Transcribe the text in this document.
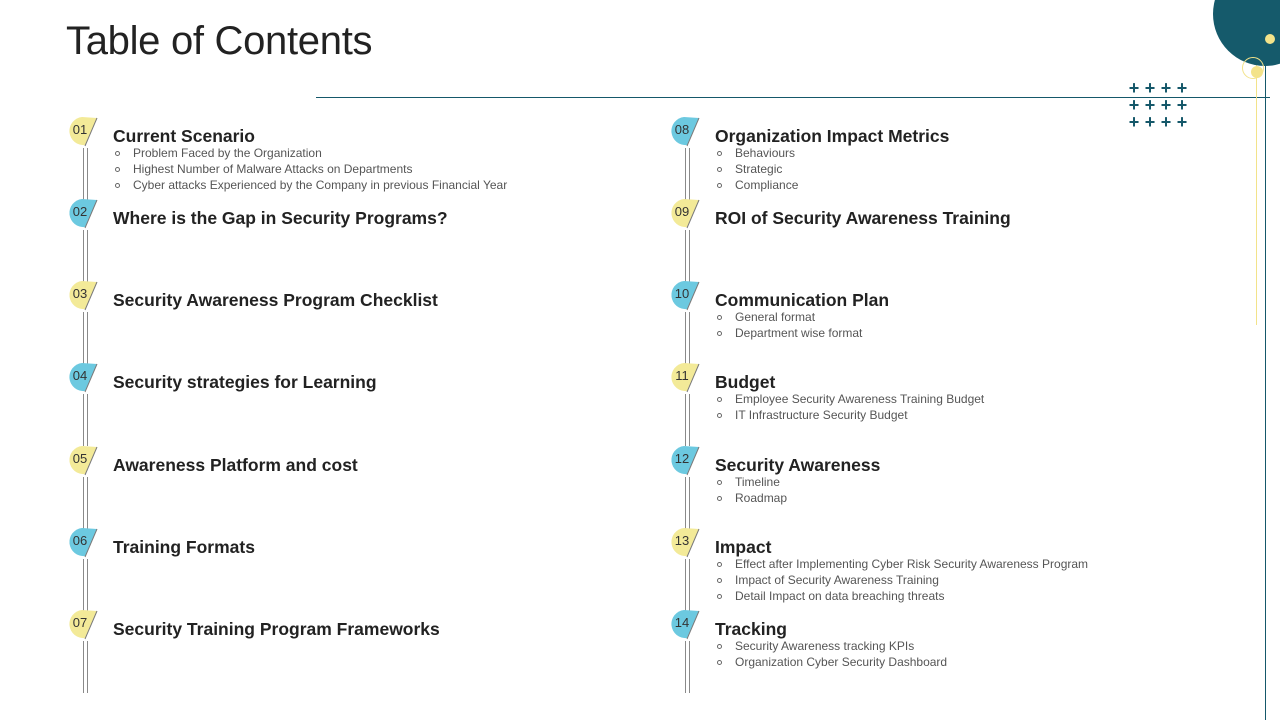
Table of Contents
+ + + +
+ + + +
+ + + +
01	Current Scenario
Problem Faced by the Organization
Highest Number of Malware Attacks on Departments
Cyber attacks Experienced by the Company in previous Financial Year
02	Where is the Gap in Security Programs?
03	Security Awareness Program Checklist
04	Security strategies for Learning
05	Awareness Platform and cost
06	Training Formats
07	Security Training Program Frameworks
08	Organization Impact Metrics
Behaviours
Strategic
Compliance
09	ROI of Security Awareness Training
10	Communication Plan
General format
Department wise format
11	Budget
Employee Security Awareness Training Budget
IT Infrastructure Security Budget
12	Security Awareness
Timeline
Roadmap
13	Impact
Effect after Implementing Cyber Risk Security Awareness Program
Impact of Security Awareness Training
Detail Impact on data breaching threats
14	Tracking
Security Awareness tracking KPIs
Organization Cyber Security Dashboard
